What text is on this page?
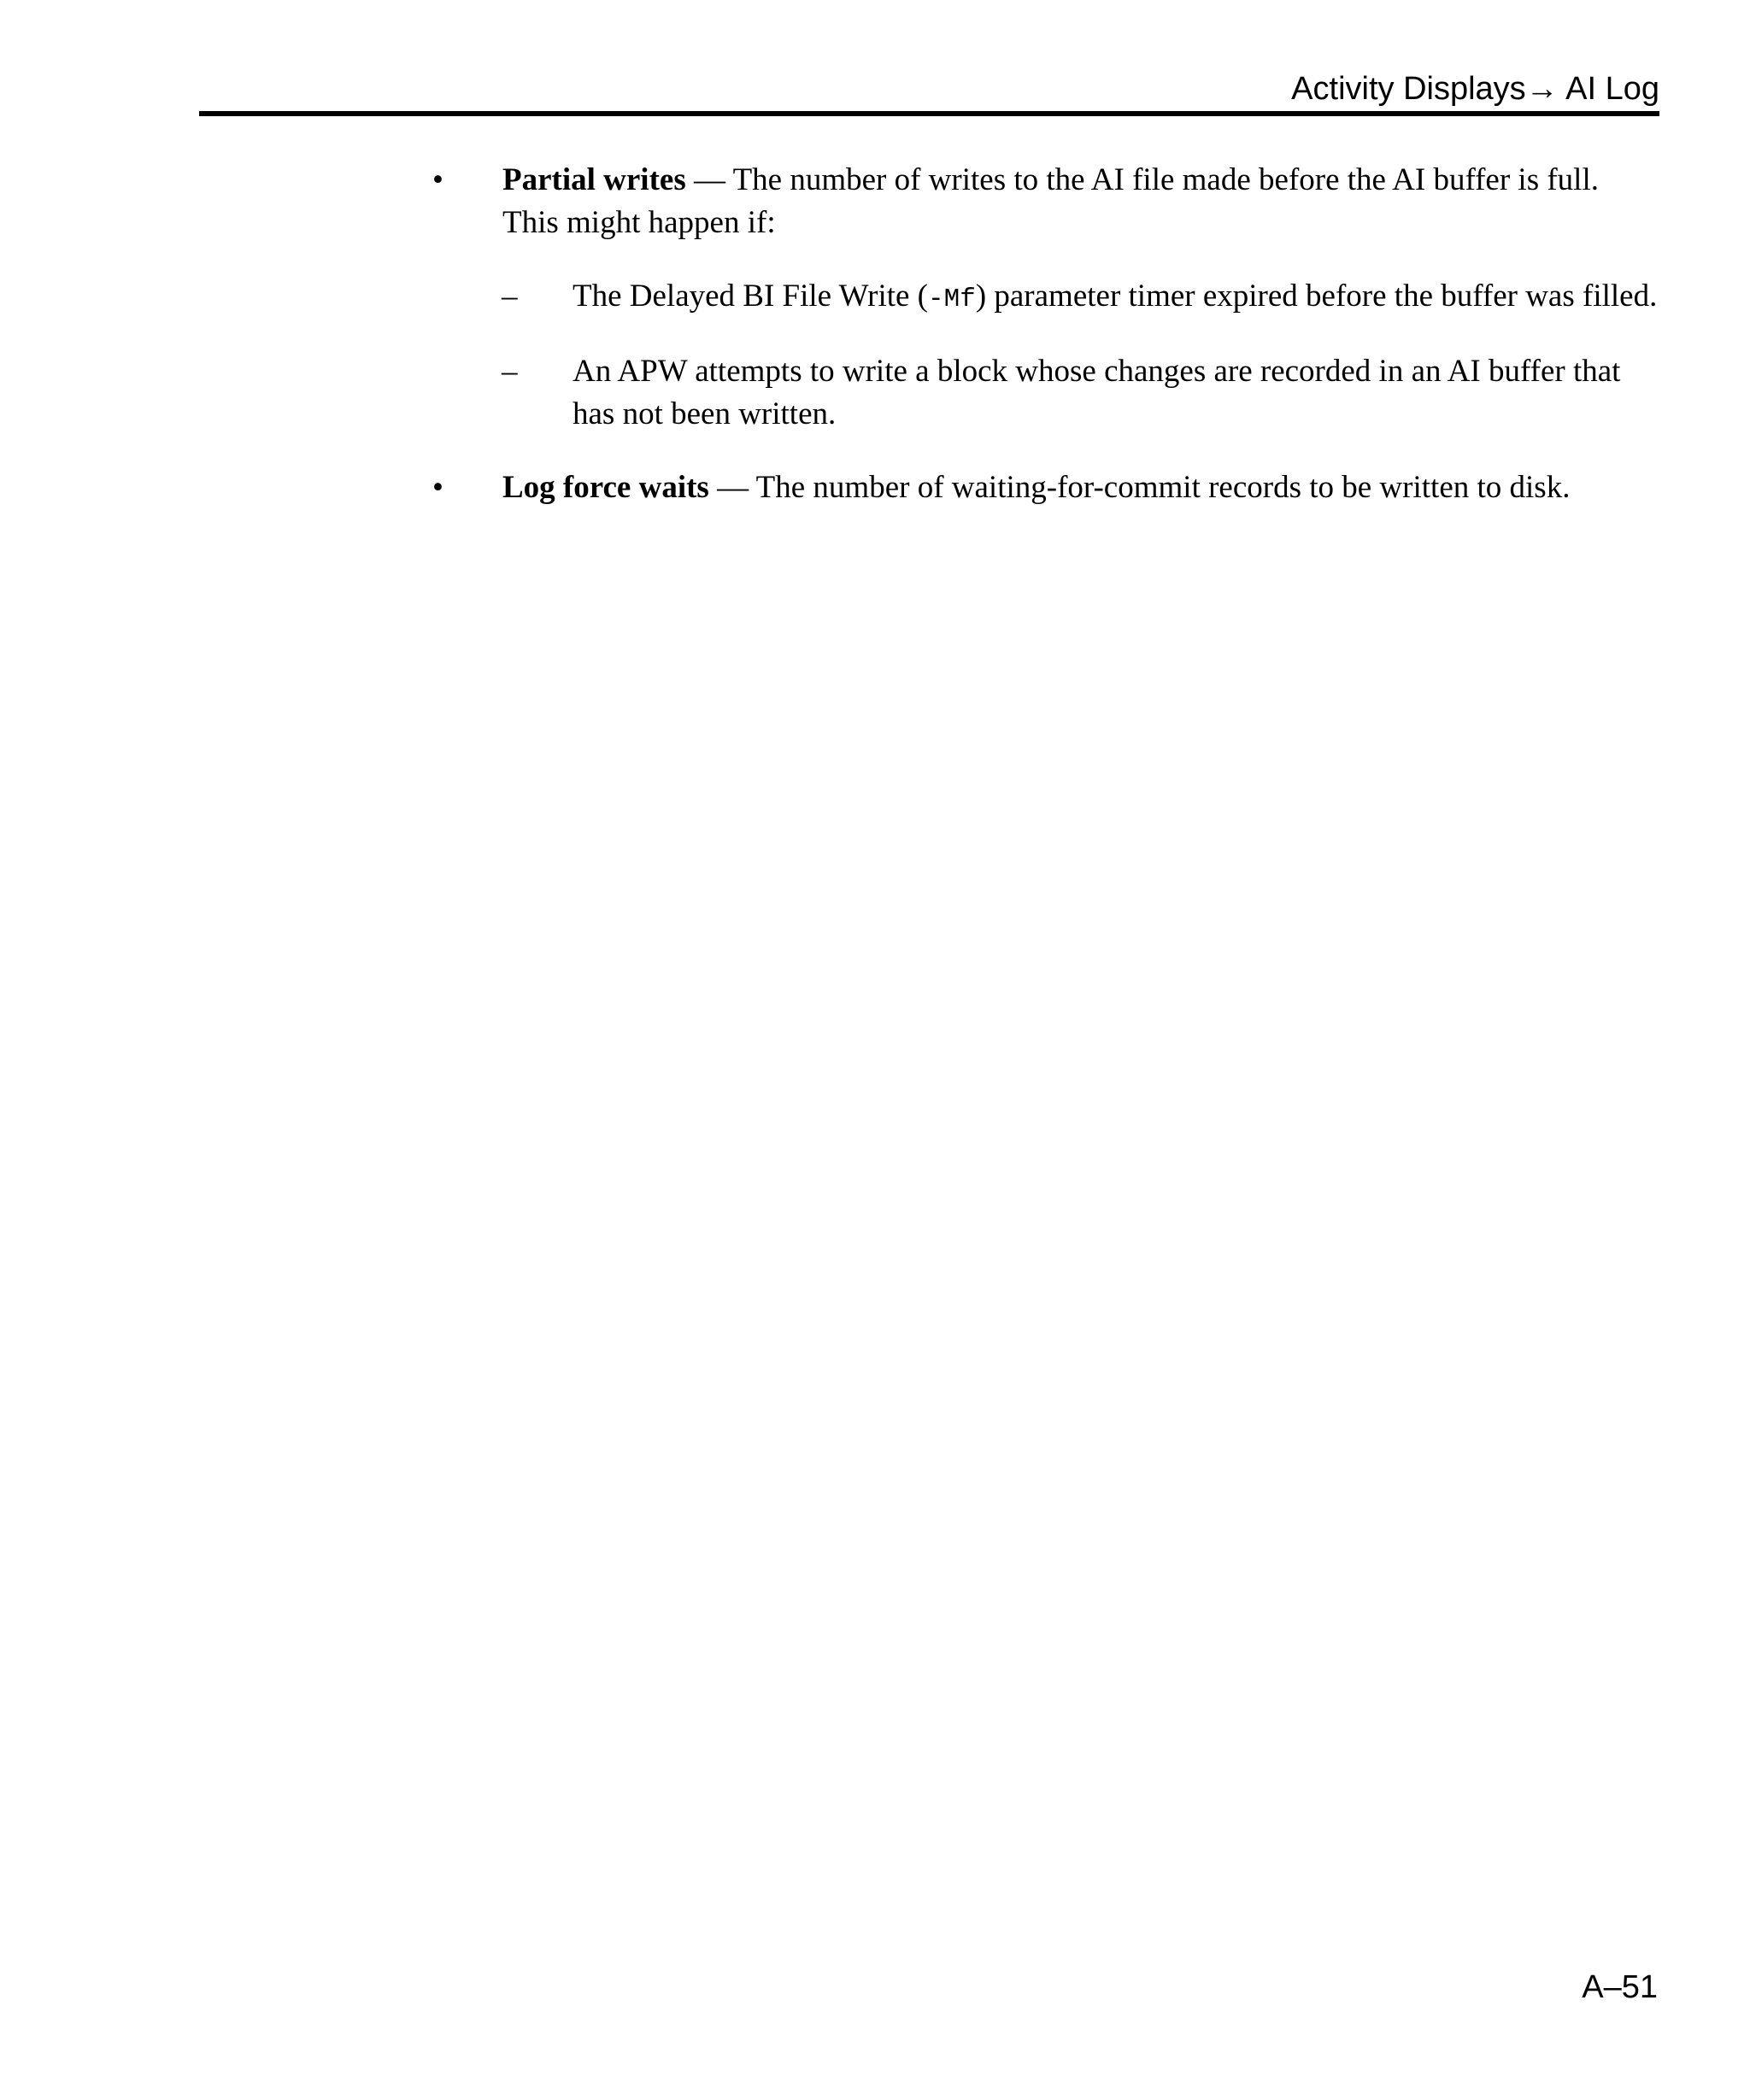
Activity Displays→ AI Log
• Partial writes — The number of writes to the AI file made before the AI buffer is full.
This might happen if:
– The Delayed BI File Write (-Mf) parameter timer expired before the buffer was filled.
– An APW attempts to write a block whose changes are recorded in an AI buffer that
has not been written.
• Log force waits — The number of waiting-for-commit records to be written to disk.
A–51
